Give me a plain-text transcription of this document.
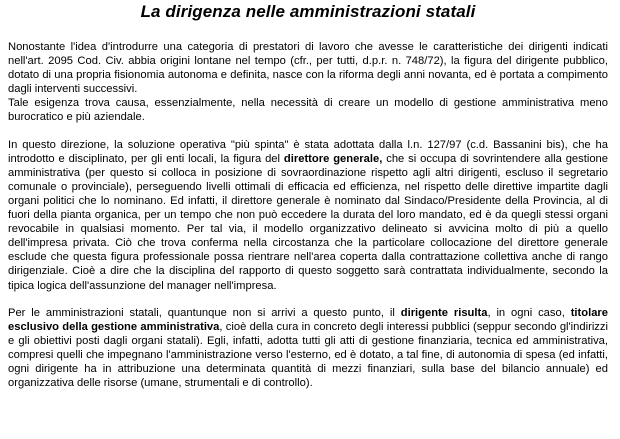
La dirigenza nelle amministrazioni statali

Nonostante l'idea d'introdurre una categoria di prestatori di lavoro che avesse le caratteristiche dei dirigenti indicati nell'art. 2095 Cod. Civ. abbia origini lontane nel tempo (cfr., per tutti, d.p.r. n. 748/72), la figura del dirigente pubblico, dotato di una propria fisionomia autonoma e definita, nasce con la riforma degli anni novanta, ed è portata a compimento dagli interventi successivi.

Tale esigenza trova causa, essenzialmente, nella necessità di creare un modello di gestione amministrativa meno burocratico e più aziendale.

In questo direzione, la soluzione operativa "più spinta" è stata adottata dalla l.n. 127/97 (c.d. Bassanini bis), che ha introdotto e disciplinato, per gli enti locali, la figura del direttore generale, che si occupa di sovrintendere alla gestione amministrativa (per questo si colloca in posizione di sovraordinazione rispetto agli altri dirigenti, escluso il segretario comunale o provinciale), perseguendo livelli ottimali di efficacia ed efficienza, nel rispetto delle direttive impartite dagli organi politici che lo nominano. Ed infatti, il direttore generale è nominato dal Sindaco/Presidente della Provincia, al di fuori della pianta organica, per un tempo che non può eccedere la durata del loro mandato, ed è da quegli stessi organi revocabile in qualsiasi momento. Per tal via, il modello organizzativo delineato si avvicina molto di più a quello dell'impresa privata. Ciò che trova conferma nella circostanza che la particolare collocazione del direttore generale esclude che questa figura professionale possa rientrare nell'area coperta dalla contrattazione collettiva anche di rango dirigenziale. Cioè a dire che la disciplina del rapporto di questo soggetto sarà contrattata individualmente, secondo la tipica logica dell'assunzione del manager nell'impresa.

Per le amministrazioni statali, quantunque non si arrivi a questo punto, il dirigente risulta, in ogni caso, titolare esclusivo della gestione amministrativa, cioè della cura in concreto degli interessi pubblici (seppur secondo gl'indirizzi e gli obiettivi posti dagli organi statali). Egli, infatti, adotta tutti gli atti di gestione finanziaria, tecnica ed amministrativa, compresi quelli che impegnano l'amministrazione verso l'esterno, ed è dotato, a tal fine, di autonomia di spesa (ed infatti, ogni dirigente ha in attribuzione una determinata quantità di mezzi finanziari, sulla base del bilancio annuale) ed organizzativa delle risorse (umane, strumentali e di controllo).
